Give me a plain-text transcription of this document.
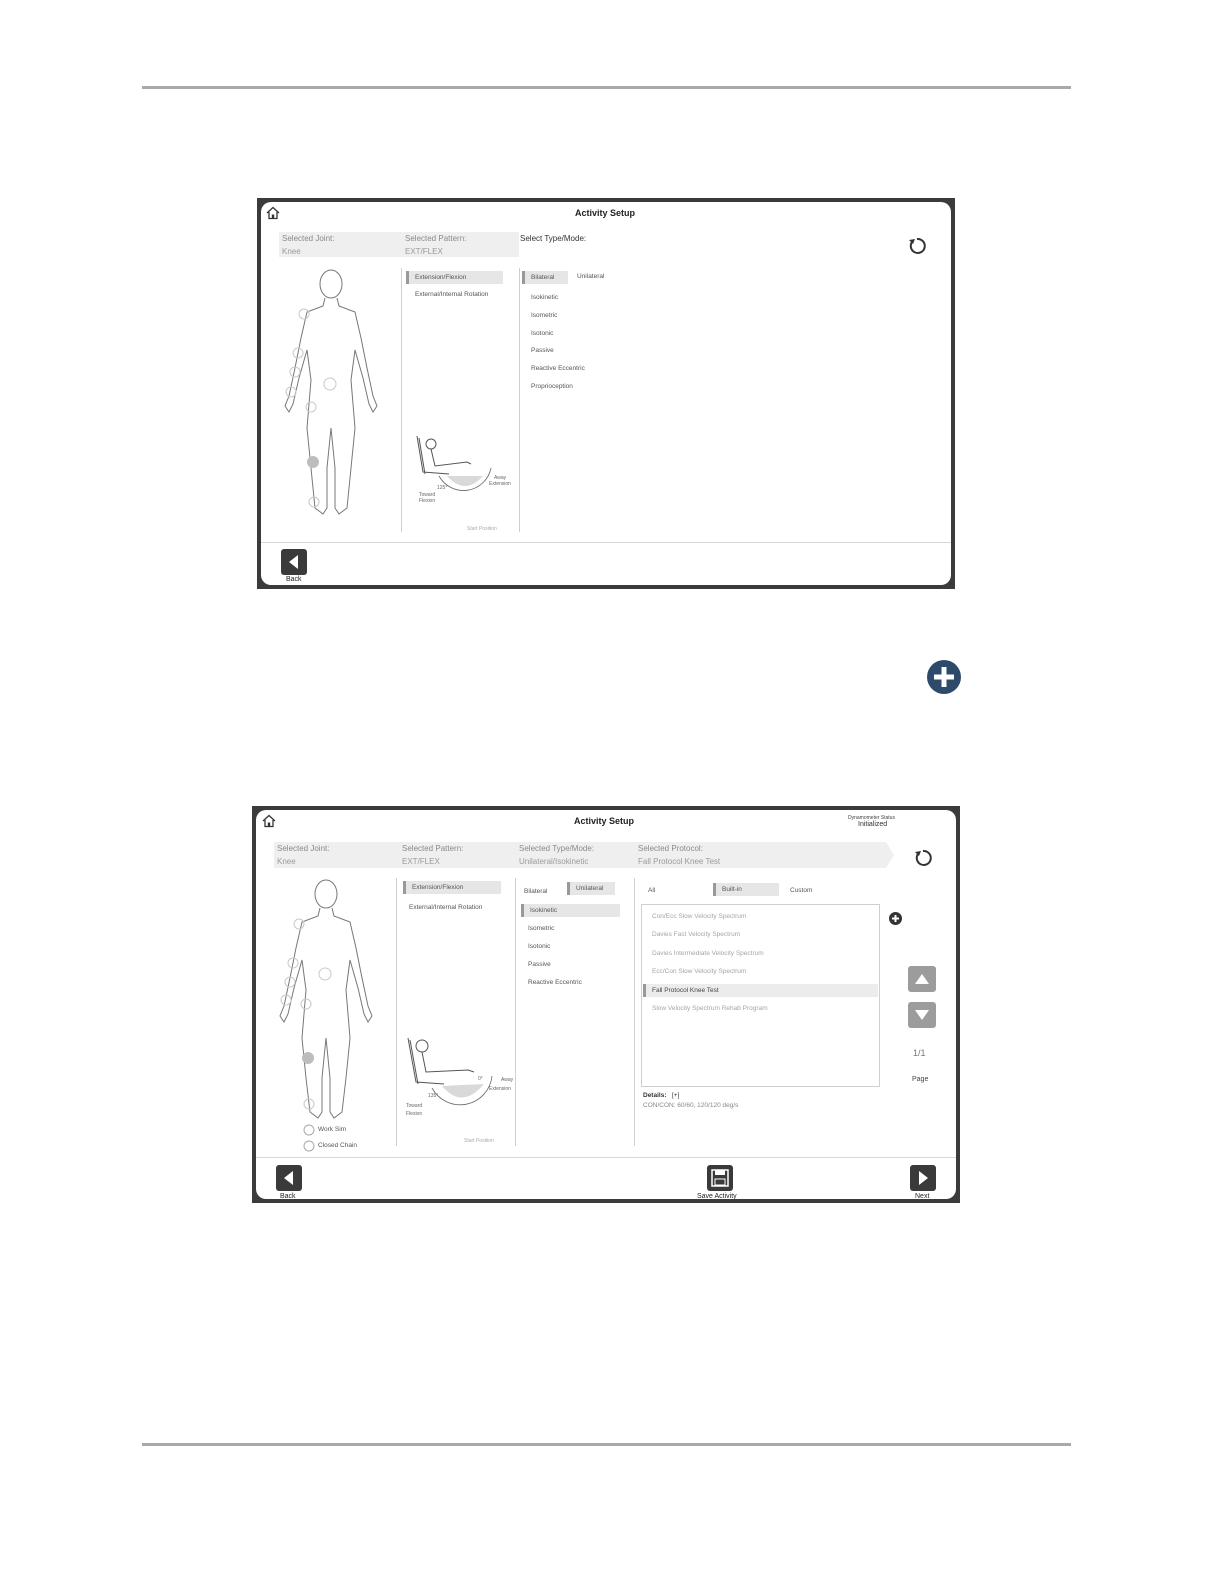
Activity Setup
Selected Joint:
Knee
Selected Pattern:
EXT/FLEX
Select Type/Mode:
Extension/Flexion
External/Internal Rotation
Away
Extension
125°
Toward
Flexion
Start Position
Bilateral	Unilateral
Isokinetic
Isometric
Isotonic
Passive
Reactive Eccentric
Proprioception
Back
Activity Setup	Dynamometer Status
Initialized
Selected Joint:
Knee
Selected Pattern:
EXT/FLEX
Selected Type/Mode:
Unilateral/Isokinetic
Selected Protocol:
Fall Protocol Knee Test
Work Sim
Closed Chain
Extension/Flexion
External/Internal Rotation
0°	Away
Extension
135°
Toward
Flexion
Start Position
Bilateral	Unilateral
Isokinetic
Isometric
Isotonic
Passive
Reactive Eccentric
All	Built-in	Custom
Con/Ecc Slow Velocity Spectrum
Davies Fast Velocity Spectrum
Davies Intermediate Velocity Spectrum
Ecc/Con Slow Velocity Spectrum
Fall Protocol Knee Test
Slow Velocity Spectrum Rehab Program
1/1
Page
Details: [+]
CON/CON: 60/60, 120/120 deg/s
Back	Save Activity	Next
